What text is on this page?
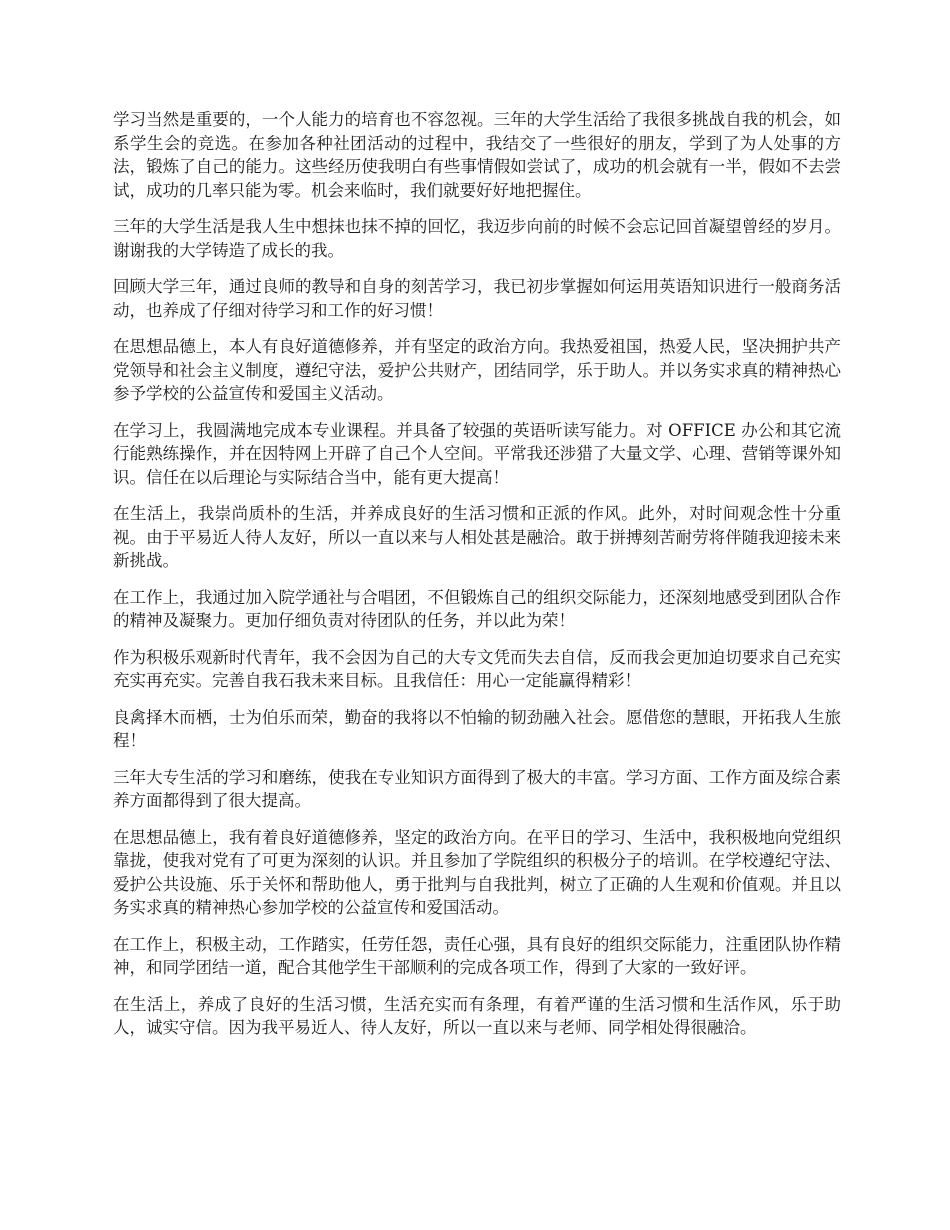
学习当然是重要的，一个人能力的培育也不容忽视。三年的大学生活给了我很多挑战自我的机会，如系学生会的竞选。在参加各种社团活动的过程中，我结交了一些很好的朋友，学到了为人处事的方法，锻炼了自己的能力。这些经历使我明白有些事情假如尝试了，成功的机会就有一半，假如不去尝试，成功的几率只能为零。机会来临时，我们就要好好地把握住。

三年的大学生活是我人生中想抹也抹不掉的回忆，我迈步向前的时候不会忘记回首凝望曾经的岁月。谢谢我的大学铸造了成长的我。

回顾大学三年，通过良师的教导和自身的刻苦学习，我已初步掌握如何运用英语知识进行一般商务活动，也养成了仔细对待学习和工作的好习惯！

在思想品德上，本人有良好道德修养，并有坚定的政治方向。我热爱祖国，热爱人民，坚决拥护共产党领导和社会主义制度，遵纪守法，爱护公共财产，团结同学，乐于助人。并以务实求真的精神热心参予学校的公益宣传和爱国主义活动。

在学习上，我圆满地完成本专业课程。并具备了较强的英语听读写能力。对 OFFICE 办公和其它流行能熟练操作，并在因特网上开辟了自己个人空间。平常我还涉猎了大量文学、心理、营销等课外知识。信任在以后理论与实际结合当中，能有更大提高！

在生活上，我崇尚质朴的生活，并养成良好的生活习惯和正派的作风。此外，对时间观念性十分重视。由于平易近人待人友好，所以一直以来与人相处甚是融洽。敢于拼搏刻苦耐劳将伴随我迎接未来新挑战。

在工作上，我通过加入院学通社与合唱团，不但锻炼自己的组织交际能力，还深刻地感受到团队合作的精神及凝聚力。更加仔细负责对待团队的任务，并以此为荣！

作为积极乐观新时代青年，我不会因为自己的大专文凭而失去自信，反而我会更加迫切要求自己充实充实再充实。完善自我石我未来目标。且我信任：用心一定能赢得精彩！

良禽择木而栖，士为伯乐而荣，勤奋的我将以不怕输的韧劲融入社会。愿借您的慧眼，开拓我人生旅程！

三年大专生活的学习和磨练，使我在专业知识方面得到了极大的丰富。学习方面、工作方面及综合素养方面都得到了很大提高。

在思想品德上，我有着良好道德修养，坚定的政治方向。在平日的学习、生活中，我积极地向党组织靠拢，使我对党有了可更为深刻的认识。并且参加了学院组织的积极分子的培训。在学校遵纪守法、爱护公共设施、乐于关怀和帮助他人，勇于批判与自我批判，树立了正确的人生观和价值观。并且以务实求真的精神热心参加学校的公益宣传和爱国活动。

在工作上，积极主动，工作踏实，任劳任怨，责任心强，具有良好的组织交际能力，注重团队协作精神，和同学团结一道，配合其他学生干部顺利的完成各项工作，得到了大家的一致好评。

在生活上，养成了良好的生活习惯，生活充实而有条理，有着严谨的生活习惯和生活作风，乐于助人，诚实守信。因为我平易近人、待人友好，所以一直以来与老师、同学相处得很融洽。
